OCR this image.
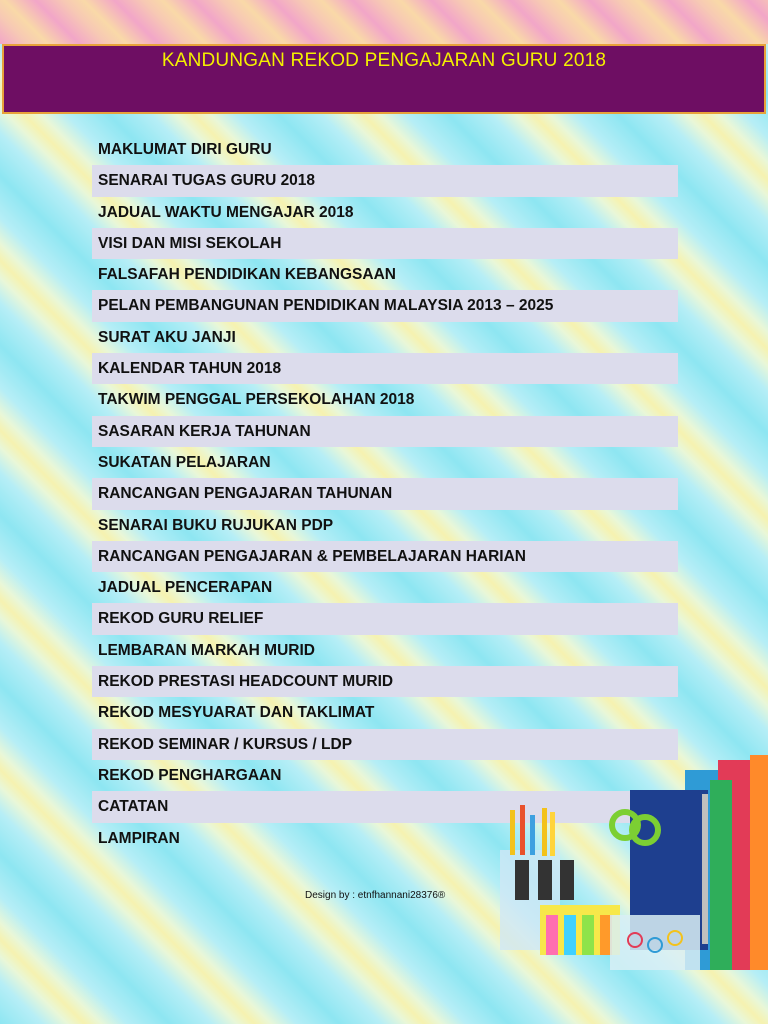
KANDUNGAN REKOD PENGAJARAN GURU 2018
MAKLUMAT DIRI GURU
SENARAI TUGAS GURU 2018
JADUAL WAKTU MENGAJAR 2018
VISI DAN MISI SEKOLAH
FALSAFAH PENDIDIKAN KEBANGSAAN
PELAN PEMBANGUNAN PENDIDIKAN MALAYSIA 2013 – 2025
SURAT AKU JANJI
KALENDAR TAHUN 2018
TAKWIM PENGGAL PERSEKOLAHAN 2018
SASARAN KERJA TAHUNAN
SUKATAN PELAJARAN
RANCANGAN PENGAJARAN TAHUNAN
SENARAI BUKU RUJUKAN PDP
RANCANGAN PENGAJARAN & PEMBELAJARAN HARIAN
JADUAL PENCERAPAN
REKOD GURU RELIEF
LEMBARAN MARKAH MURID
REKOD PRESTASI HEADCOUNT MURID
REKOD MESYUARAT DAN TAKLIMAT
REKOD SEMINAR / KURSUS / LDP
REKOD PENGHARGAAN
CATATAN
LAMPIRAN
Design by : etnfhannani28376®
